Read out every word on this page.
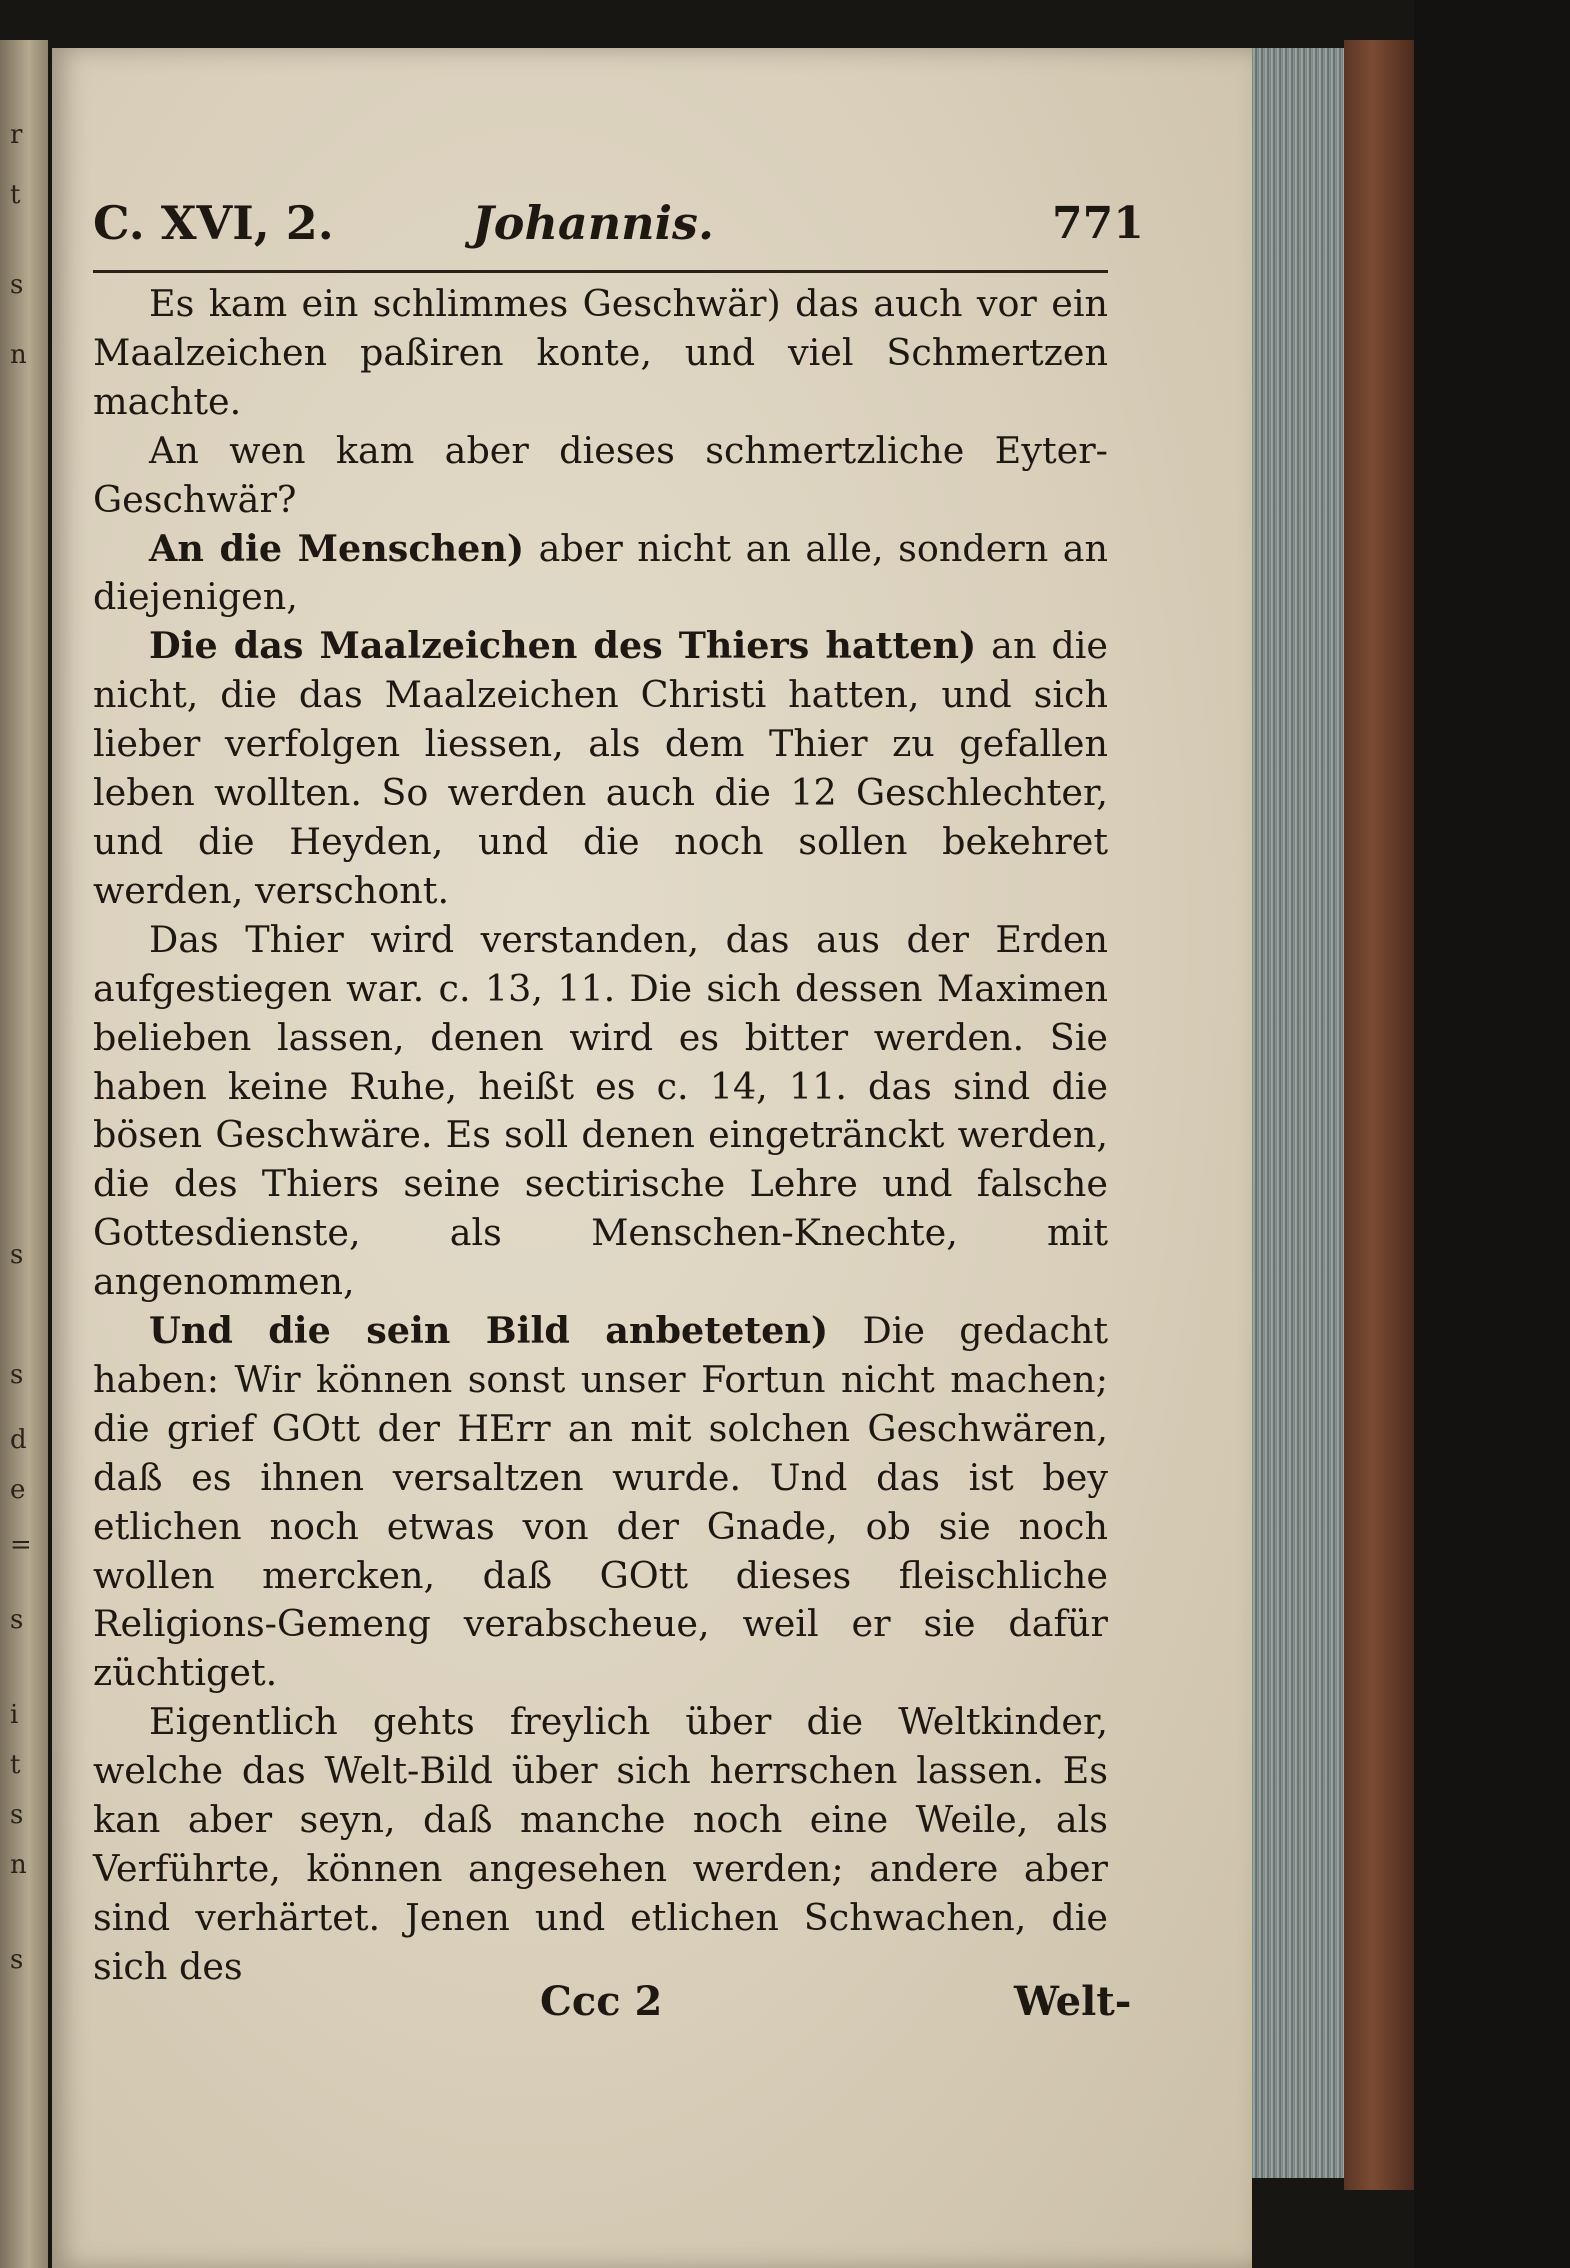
s
s
d
e
=
s
i
t
s
n
s
r
t
s
n
C. XVI, 2.	Johannis.	771

Es kam ein schlimmes Geschwär) das auch vor ein Maalzeichen paßiren konte, und viel Schmertzen machte.

An wen kam aber dieses schmertzliche Eyter-Geschwär?

An die Menschen) aber nicht an alle, sondern an diejenigen,

Die das Maalzeichen des Thiers hatten) an die nicht, die das Maalzeichen Christi hatten, und sich lieber verfolgen liessen, als dem Thier zu gefallen leben wollten. So werden auch die 12 Geschlechter, und die Heyden, und die noch sollen bekehret werden, verschont.

Das Thier wird verstanden, das aus der Erden aufgestiegen war. c. 13, 11. Die sich dessen Maximen belieben lassen, denen wird es bitter werden. Sie haben keine Ruhe, heißt es c. 14, 11. das sind die bösen Geschwäre. Es soll denen eingetränckt werden, die des Thiers seine sectirische Lehre und falsche Gottesdienste, als Menschen-Knechte, mit angenommen,

Und die sein Bild anbeteten) Die gedacht haben: Wir können sonst unser Fortun nicht machen; die grief GOtt der HErr an mit solchen Geschwären, daß es ihnen versaltzen wurde. Und das ist bey etlichen noch etwas von der Gnade, ob sie noch wollen mercken, daß GOtt dieses fleischliche Religions-Gemeng verabscheue, weil er sie dafür züchtiget.

Eigentlich gehts freylich über die Weltkinder, welche das Welt-Bild über sich herrschen lassen. Es kan aber seyn, daß manche noch eine Weile, als Verführte, können angesehen werden; andere aber sind verhärtet. Jenen und etlichen Schwachen, die sich des

Ccc 2	Welt-
